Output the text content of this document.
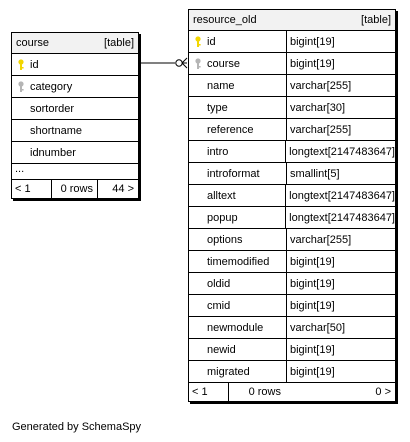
course	[table]
id
category
sortorder
shortname
idnumber
...
< 1	0 rows	44 >
resource_old	[table]
id	bigint[19]
course	bigint[19]
name	varchar[255]
type	varchar[30]
reference	varchar[255]
intro	longtext[2147483647]
introformat	smallint[5]
alltext	longtext[2147483647]
popup	longtext[2147483647]
options	varchar[255]
timemodified	bigint[19]
oldid	bigint[19]
cmid	bigint[19]
newmodule	varchar[50]
newid	bigint[19]
migrated	bigint[19]
< 1	0 rows	0 >
Generated by SchemaSpy
